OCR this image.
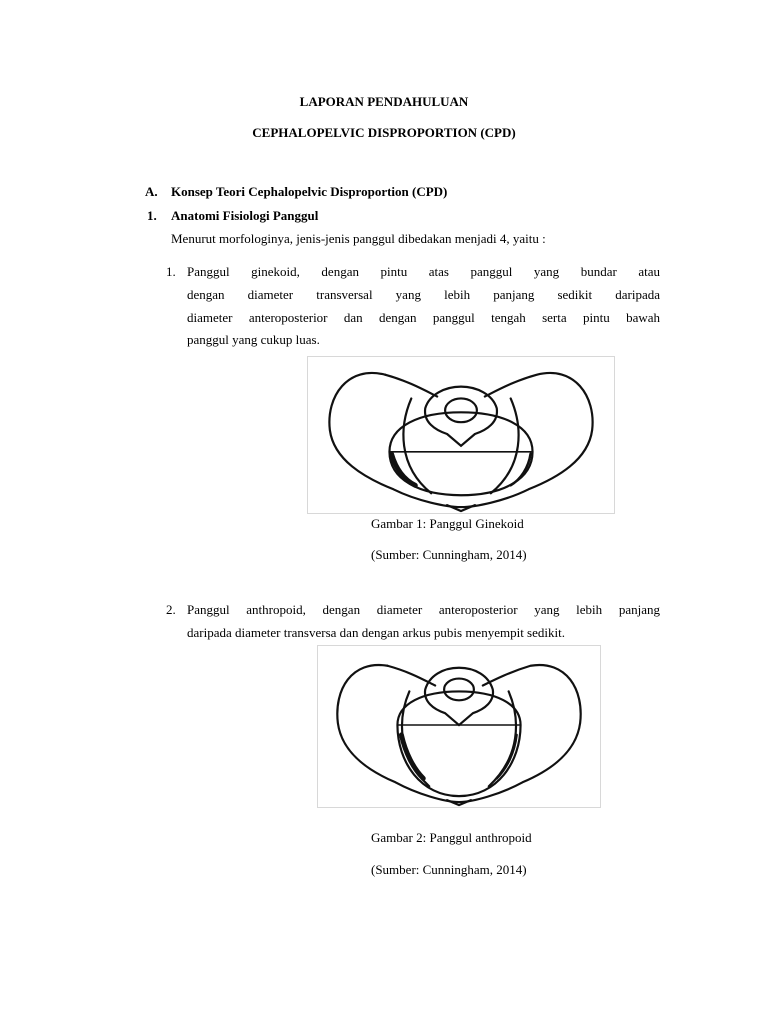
LAPORAN PENDAHULUAN
CEPHALOPELVIC DISPROPORTION (CPD)
A. Konsep Teori Cephalopelvic Disproportion (CPD)
1. Anatomi Fisiologi Panggul
Menurut morfologinya, jenis-jenis panggul dibedakan menjadi 4, yaitu :
1. Panggul ginekoid, dengan pintu atas panggul yang bundar atau
dengan diameter transversal yang lebih panjang sedikit daripada
diameter anteroposterior dan dengan panggul tengah serta pintu bawah
panggul yang cukup luas.
Gambar 1: Panggul Ginekoid
(Sumber: Cunningham, 2014)
2. Panggul anthropoid, dengan diameter anteroposterior yang lebih panjang
daripada diameter transversa dan dengan arkus pubis menyempit sedikit.
Gambar 2: Panggul anthropoid
(Sumber: Cunningham, 2014)
